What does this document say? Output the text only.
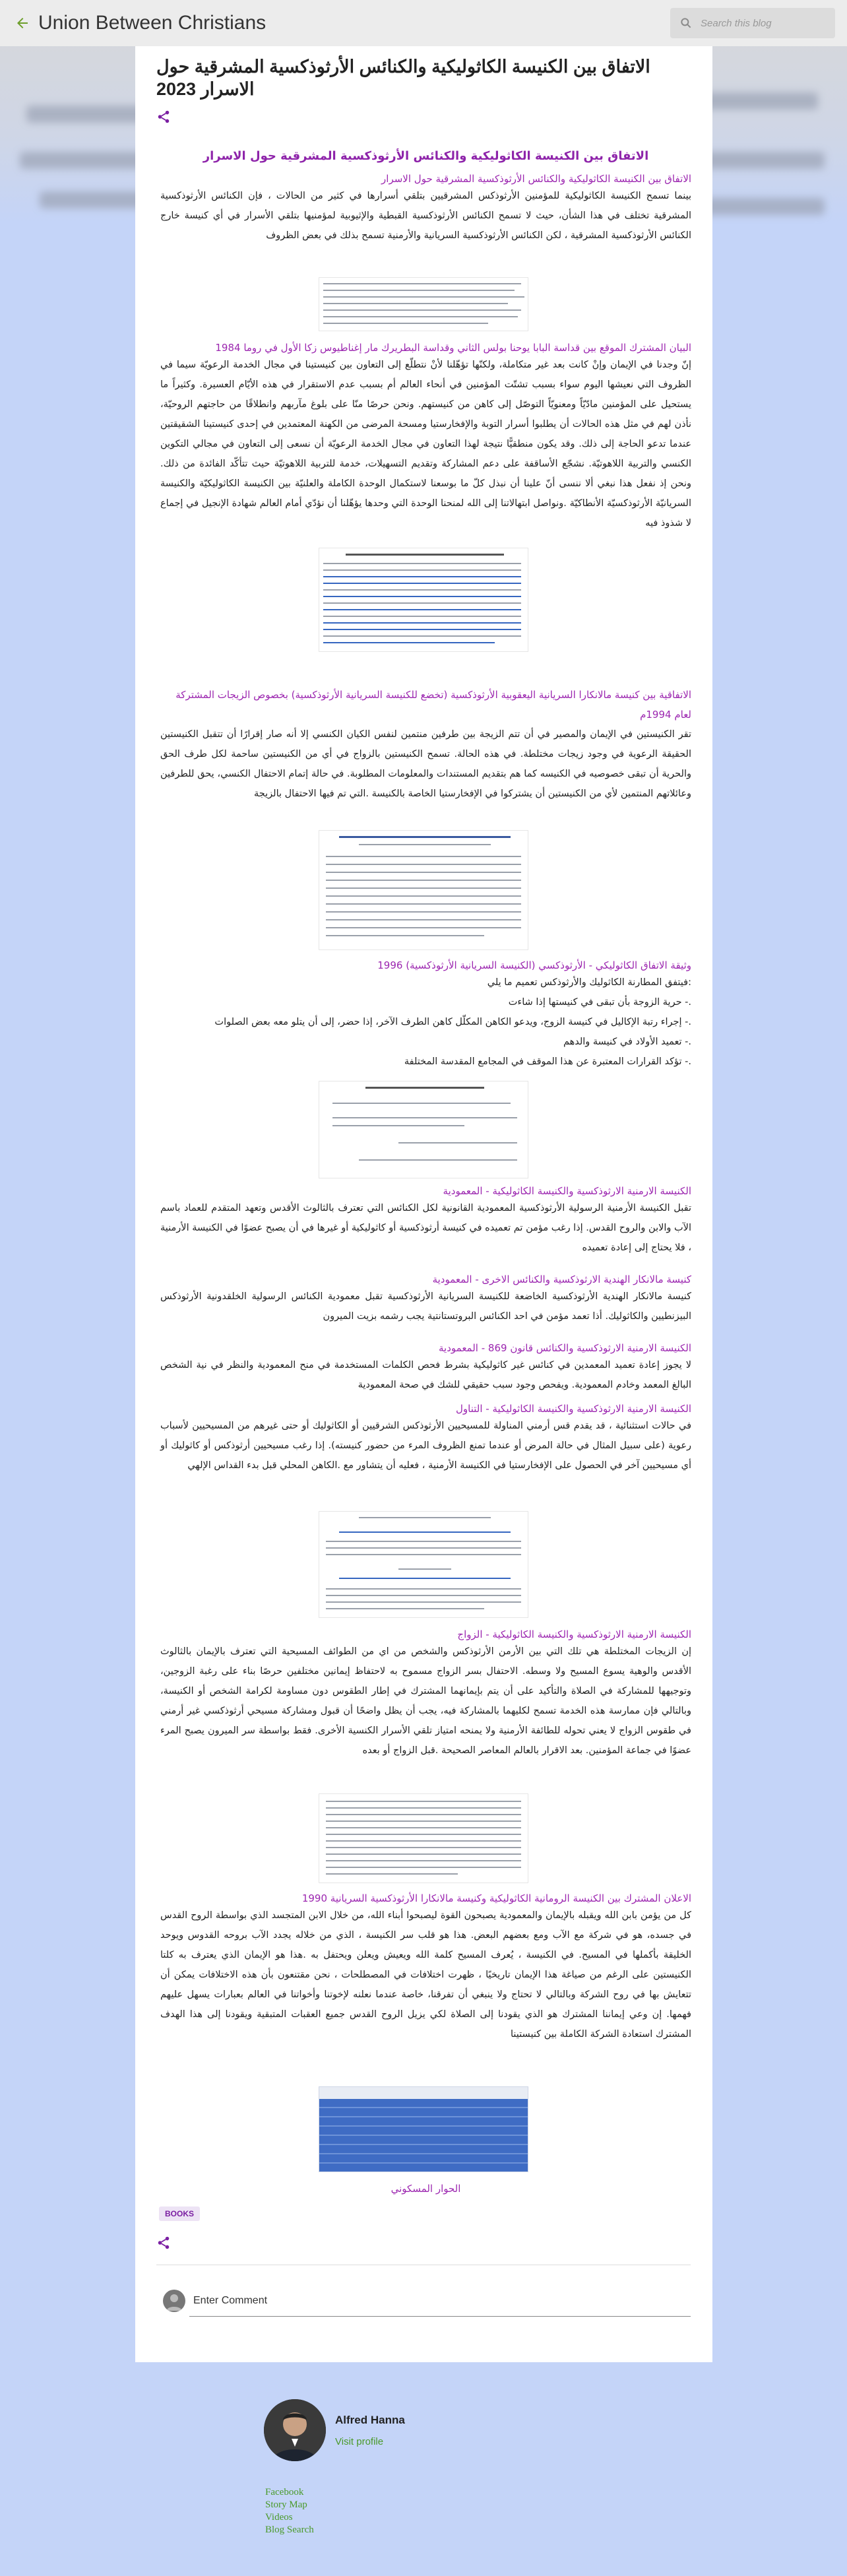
Union Between Christians	Search this blog
الاتفاق بين الكنيسة الكاثوليكية والكنائس الأرثوذكسية المشرقية حول الاسرار 2023
الاتفاق بين الكنيسة الكاثوليكية والكنائس الأرثوذكسية المشرقية حول الاسرار
الاتفاق بين الكنيسة الكاثوليكية والكنائس الأرثوذكسية المشرقية حول الاسرار
بينما تسمح الكنيسة الكاثوليكية للمؤمنين الأرثوذكس المشرقيين بتلقي أسرارها في كثير من الحالات ، فإن الكنائس الأرثوذكسية المشرقية تختلف في هذا الشأن، حيث لا تسمح الكنائس الأرثوذكسية القبطية والإثيوبية لمؤمنيها بتلقي الأسرار في أي كنيسة خارج الكنائس الأرثوذكسية المشرقية ، لكن الكنائس الأرثوذكسية السريانية والأرمنية تسمح بذلك في بعض الظروف
البيان المشترك الموقع بين قداسة البابا يوحنا بولس الثاني وقداسة البطريرك مار إغناطيوس زكا الأول في روما 1984
إنّ وجدنا في الإيمان وإنْ كانت بعد غير متكاملة، ولكنّها تؤهّلنا لأنْ نتطلّع إلى التعاون بين كنيستينا في مجال الخدمة الرعويّة سيما في الظروف التي نعيشها اليوم سواء بسبب تشتّت المؤمنين في أنحاء العالم أم بسبب عدم الاستقرار في هذه الأيّام العسيرة. وكثيراً ما يستحيل على المؤمنين مادّيّاً ومعنويّاً التوصّل إلى كاهن من كنيستهم. ونحن حرصًا منّا على بلوغ مآربهم وانطلاقًا من حاجتهم الروحيّة، نأذن لهم في مثل هذه الحالات أن يطلبوا أسرار التوبة والإفخارستيا ومسحة المرضى من الكهنة المعتمدين في إحدى كنيستينا الشقيقتين عندما تدعو الحاجة إلى ذلك. وقد يكون منطقيًّا نتيجة لهذا التعاون في مجال الخدمة الرعويّة أن نسعى إلى التعاون في مجالي التكوين الكنسي والتربية اللاهوتيّة. نشجّع الأساقفة على دعم المشاركة وتقديم التسهيلات، خدمة للتربية اللاهوتيّة حيث تتأكّد الفائدة من ذلك. ونحن إذ نفعل هذا نبغي ألا ننسى أنّ علينا أن نبذل كلّ ما بوسعنا لاستكمال الوحدة الكاملة والعلنيّة بين الكنيسة الكاثوليكيّة والكنيسة السريانيّة الأرثوذكسيّة الأنطاكيّة .ونواصل ابتهالاتنا إلى الله لمنحنا الوحدة التي وحدها يؤهّلنا أن نؤدّي أمام العالم شهادة الإنجيل في إجماع لا شذوذ فيه
الاتفاقية بين كنيسة مالانكارا السريانية اليعقوبية الأرثوذكسية (تخضع للكنيسة السريانية الأرثوذكسية) بخصوص الزيجات المشتركة لعام 1994م
تقر الكنيستين في الإيمان والمصير في أن تتم الزيجة بين طرفين منتمين لنفس الكيان الكنسي إلا أنه صار إقرارًا أن تتقبل الكنيستين الحقيقة الرعوية في وجود زيجات مختلطة. في هذه الحالة. تسمح الكنيستين بالزواج في أي من الكنيستين ساحمة لكل طرف الحق والحرية أن تبقى خصوصيه في الكنيسه كما هم بتقديم المستندات والمعلومات المطلوبة. في حالة إتمام الاحتفال الكنسي، يحق للطرفين وعائلاتهم المنتمين لأي من الكنيستين أن يشتركوا في الإفخارستيا الخاصة بالكنيسة .التي تم فيها الاحتفال بالزيجة
وثيقة الاتفاق الكاثوليكي - الأرثوذكسي (الكنيسة السريانية الأرثوذكسية) 1996
:فيتفق المطارنة الكاثوليك والأرثوذكس تعميم ما يلي
.- حرية الزوجة بأن تبقى في كنيستها إذا شاءت
.- إجراء رتبة الإكاليل في كنيسة الزوج، ويدعو الكاهن المكلّل كاهن الطرف الآخر، إذا حضر، إلى أن يتلو معه بعض الصلوات
.- تعميد الأولاد في كنيسة والدهم
.- تؤكد القرارات المعتبرة عن هذا الموقف في المجامع المقدسة المختلفة
الكنيسة الارمنية الارثوذكسية والكنيسة الكاثوليكية - المعمودية
تقبل الكنيسة الأرمنية الرسولية الأرثوذكسية المعمودية القانونية لكل الكنائس التي تعترف بالثالوث الأقدس وتعهد المتقدم للعماد باسم الآب والابن والروح القدس. إذا رغب مؤمن تم تعميده في كنيسة أرثوذكسية أو كاثوليكية أو غيرها في أن يصبح عضوًا في الكنيسة الأرمنية ، فلا يحتاج إلى إعادة تعميده
كنيسة مالانكار الهندية الارثوذكسية والكنائس الاخرى - المعمودية
كنيسة مالانكار الهندية الأرثوذكسية الخاضعة للكنيسة السريانية الأرثوذكسية تقبل معمودية الكنائس الرسولية الخلقدونية الأرثوذكس البيزنطيين والكاثوليك. أذا تعمد مؤمن في احد الكنائس البروتستانتية يجب رشمه بزيت الميرون
الكنيسة الارمنية الارثوذكسية والكنائس قانون 869 - المعمودية
لا يجوز إعادة تعميد المعمدين في كنائس غير كاثوليكية بشرط فحص الكلمات المستخدمة في منح المعمودية والنظر في نية الشخص البالغ المعمد وخادم المعمودية. ويفحص وجود سبب حقيقي للشك في صحة المعمودية
الكنيسة الارمنية الارثوذكسية والكنيسة الكاثوليكية - التناول
في حالات استثنائية ، قد يقدم قس أرمني المناولة للمسيحيين الأرثوذكس الشرقيين أو الكاثوليك أو حتى غيرهم من المسيحيين لأسباب رعوية (على سبيل المثال في حالة المرض أو عندما تمنع الظروف المرء من حضور كنيسته). إذا رغب مسيحيين أرثوذكس أو كاثوليك أو أي مسيحيين آخر في الحصول على الإفخارستيا في الكنيسة الأرمنية ، فعليه أن يتشاور مع .الكاهن المحلي قبل بدء القداس الإلهي
الكنيسة الارمنية الارثوذكسية والكنيسة الكاثوليكية - الزواج
إن الزيجات المختلطة هي تلك التي بين الأرمن الأرثوذكس والشخص من اي من الطوائف المسيحية التي تعترف بالإيمان بالثالوث الأقدس والوهية يسوع المسيح ولا وسطه. الاحتفال بسر الزواج مسموح به لاحتفاظ إيمانين مختلفين حرصًا بناء على رغبة الزوجين، وتوجيهها للمشاركة في الصلاة والتأكيد على أن يتم بإيمانهما المشترك في إطار الطقوس دون مساومة لكرامة الشخص أو الكنيسة، وبالتالي فإن ممارسة هذه الخدمة تسمح لكليهما بالمشاركة فيه، يجب أن يظل واضحًا أن قبول ومشاركة مسيحي أرثوذكسي غير أرمني في طقوس الزواج لا يعني تحوله للطائفة الأرمنية ولا يمنحه امتياز تلقي الأسرار الكنسية الأخرى. فقط بواسطة سر الميرون يصبح المرء عضوًا في جماعة المؤمنين. بعد الاقرار بالعالم المعاصر الصحيحة .قبل الزواج أو بعده
الاعلان المشترك بين الكنيسة الرومانية الكاثوليكية وكنيسة مالانكارا الأرثوذكسية السريانية 1990
كل من يؤمن بابن الله ويقبله بالإيمان والمعمودية يصبحون القوة ليصبحوا أبناء الله، من خلال الابن المتجسد الذي بواسطة الروح القدس في جسده، هو في شركة مع الآب ومع بعضهم البعض. هذا هو قلب سر الكنيسة ، الذي من خلاله يجدد الآب بروحه القدوس ويوحد الخليقة بأكملها في المسيح. في الكنيسة ، يُعرف المسيح كلمة الله ويعيش ويعلن ويحتفل به .هذا هو الإيمان الذي يعترف به كلتا الكنيستين على الرغم من صياغة هذا الإيمان تاريخيًا ، ظهرت اختلافات في المصطلحات ، نحن مقتنعون بأن هذه الاختلافات يمكن أن تتعايش بها في روح الشركة وبالتالي لا تحتاج ولا ينبغي أن تفرقنا، خاصة عندما نعلنه لإخوتنا وأخواتنا في العالم بعبارات يسهل عليهم فهمها. إن وعي إيماننا المشترك هو الذي يقودنا إلى الصلاة لكي يزيل الروح القدس جميع العقبات المتبقية ويقودنا إلى هذا الهدف المشترك استعادة الشركة الكاملة بين كنيستينا
الحوار المسكوني
BOOKS
Enter Comment
Alfred Hanna
Visit profile
Facebook
Story Map
Videos
Blog Search
